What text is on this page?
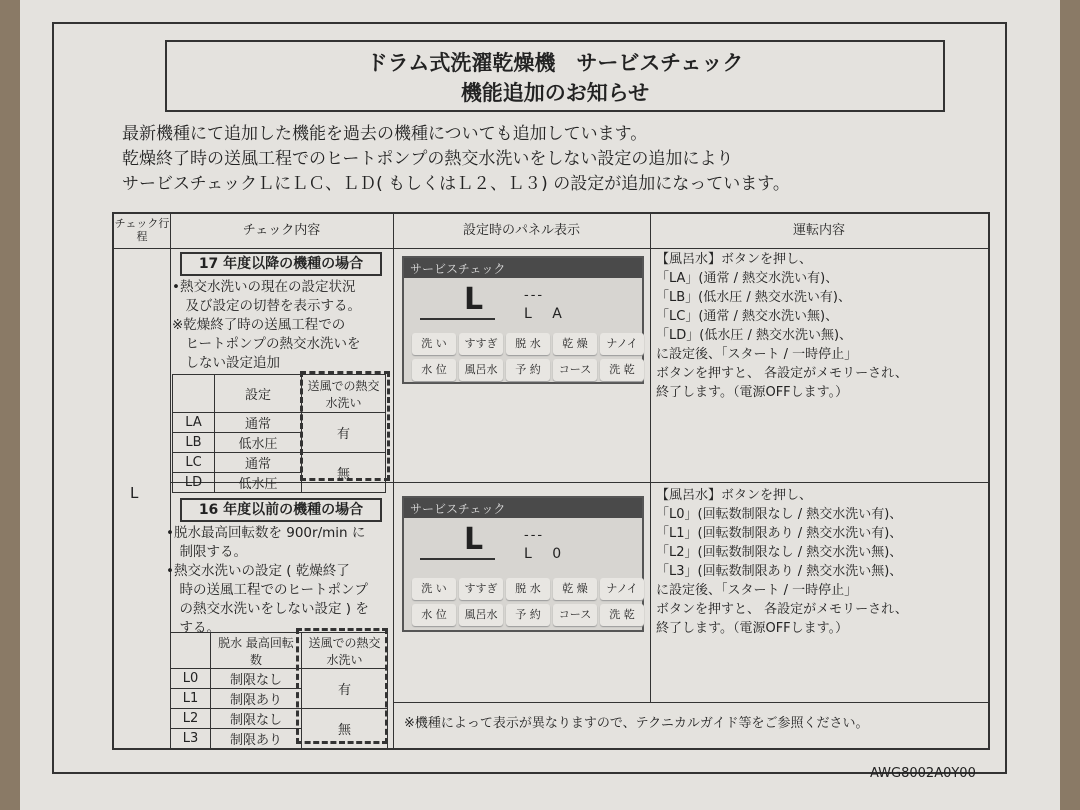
ドラム式洗濯乾燥機　サービスチェック
機能追加のお知らせ
最新機種にて追加した機能を過去の機種についても追加しています。
乾燥終了時の送風工程でのヒートポンプの熱交水洗いをしない設定の追加により
サービスチェックＬにＬＣ、ＬＤ( もしくはＬ２、Ｌ３) の設定が追加になっています。
チェック行程	チェック内容	設定時のパネル表示	運転内容
L
17 年度以降の機種の場合
•熱交水洗いの現在の設定状況
　及び設定の切替を表示する。
※乾燥終了時の送風工程での
　ヒートポンプの熱交水洗いを
　しない設定追加
	設定	送風での熱交水洗い
LA	通常	有
LB	低水圧	
LC	通常	無
LD	低水圧	
サービスチェック
L	---
L A
洗 い	すすぎ	脱 水	乾 燥	ナノイ
水 位	風呂水	予 約	コース	洗 乾
【風呂水】ボタンを押し、
「LA」(通常 / 熱交水洗い有)、
「LB」(低水圧 / 熱交水洗い有)、
「LC」(通常 / 熱交水洗い無)、
「LD」(低水圧 / 熱交水洗い無)、
に設定後、「スタート / 一時停止」
ボタンを押すと、 各設定がメモリーされ、
終了します。（電源OFFします。）
16 年度以前の機種の場合
•脱水最高回転数を 900r/min に
　制限する。
•熱交水洗いの設定 ( 乾燥終了
　時の送風工程でのヒートポンプ
　の熱交水洗いをしない設定 ) を
　する。
	脱水 最高回転数	送風での熱交水洗い
L0	制限なし	有
L1	制限あり	
L2	制限なし	無
L3	制限あり	
サービスチェック
L	---
L 0
洗 い	すすぎ	脱 水	乾 燥	ナノイ
水 位	風呂水	予 約	コース	洗 乾
【風呂水】ボタンを押し、
「L0」(回転数制限なし / 熱交水洗い有)、
「L1」(回転数制限あり / 熱交水洗い有)、
「L2」(回転数制限なし / 熱交水洗い無)、
「L3」(回転数制限あり / 熱交水洗い無)、
に設定後、「スタート / 一時停止」
ボタンを押すと、 各設定がメモリーされ、
終了します。（電源OFFします。）
※機種によって表示が異なりますので、テクニカルガイド等をご参照ください。
AWG8002A0Y00
